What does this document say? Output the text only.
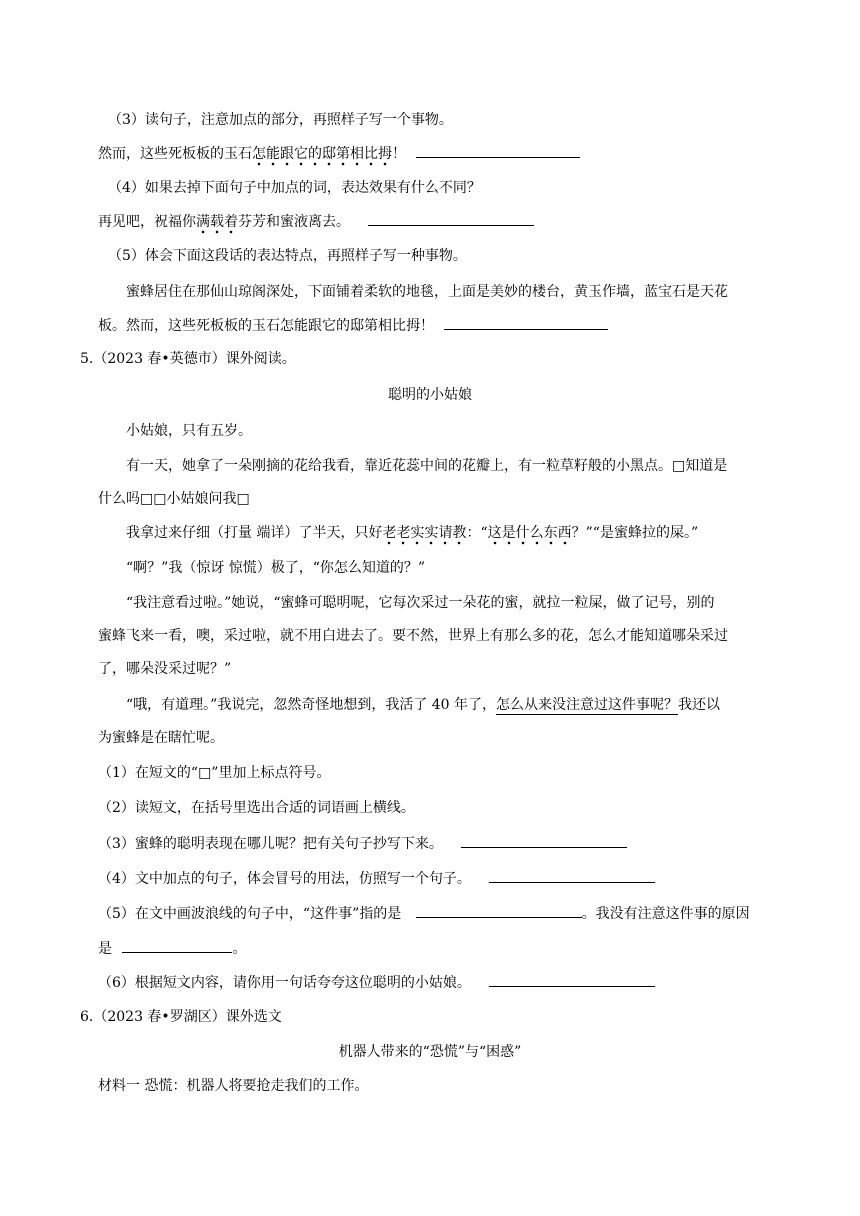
（3）读句子，注意加点的部分，再照样子写一个事物。
然而，这些死板板的玉石怎能跟它的邸第相比拇！
（4）如果去掉下面句子中加点的词，表达效果有什么不同？
再见吧，祝福你满载着芬芳和蜜液离去。
（5）体会下面这段话的表达特点，再照样子写一种事物。
蜜蜂居住在那仙山琼阁深处，下面铺着柔软的地毯，上面是美妙的楼台，黄玉作墙，蓝宝石是天花
板。然而，这些死板板的玉石怎能跟它的邸第相比拇！
5.（2023 春•英德市）课外阅读。
聪明的小姑娘
小姑娘，只有五岁。
有一天，她拿了一朵刚摘的花给我看，靠近花蕊中间的花瓣上，有一粒草籽般的小黑点。□知道是
什么吗□□小姑娘问我□
我拿过来仔细（打量 端详）了半天，只好老老实实请教：“这是什么东西？”“是蜜蜂拉的屎。”
“啊？”我（惊讶 惊慌）极了，“你怎么知道的？”
“我注意看过啦。”她说，“蜜蜂可聪明呢，它每次采过一朵花的蜜，就拉一粒屎，做了记号，别的
蜜蜂飞来一看，噢，采过啦，就不用白进去了。要不然，世界上有那么多的花，怎么才能知道哪朵采过
了，哪朵没采过呢？”
“哦，有道理。”我说完，忽然奇怪地想到，我活了 40 年了，怎么从来没注意过这件事呢？我还以
为蜜蜂是在瞎忙呢。
（1）在短文的“□”里加上标点符号。
（2）读短文，在括号里选出合适的词语画上横线。
（3）蜜蜂的聪明表现在哪儿呢？把有关句子抄写下来。
（4）文中加点的句子，体会冒号的用法，仿照写一个句子。
（5）在文中画波浪线的句子中，“这件事”指的是	。我没有注意这件事的原因
是	。
（6）根据短文内容，请你用一句话夸夸这位聪明的小姑娘。
6.（2023 春•罗湖区）课外选文
机器人带来的“恐慌”与“困惑”
材料一 恐慌：机器人将要抢走我们的工作。
